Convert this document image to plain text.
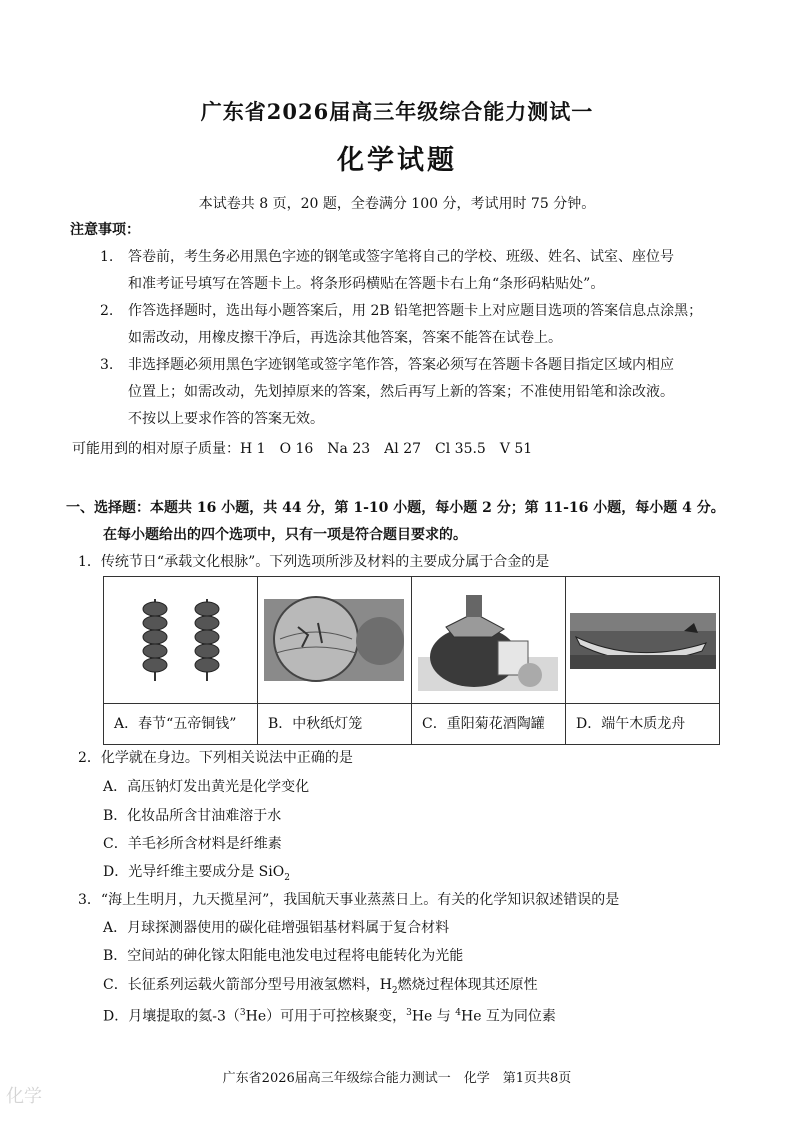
广东省2026届高三年级综合能力测试一
化学试题
本试卷共 8 页，20 题，全卷满分 100 分，考试用时 75 分钟。
注意事项：
1. 答卷前，考生务必用黑色字迹的钢笔或签字笔将自己的学校、班级、姓名、试室、座位号
和准考证号填写在答题卡上。将条形码横贴在答题卡右上角“条形码粘贴处”。
2. 作答选择题时，选出每小题答案后，用 2B 铅笔把答题卡上对应题目选项的答案信息点涂黑；
如需改动，用橡皮擦干净后，再选涂其他答案，答案不能答在试卷上。
3. 非选择题必须用黑色字迹钢笔或签字笔作答，答案必须写在答题卡各题目指定区域内相应
位置上；如需改动，先划掉原来的答案，然后再写上新的答案；不准使用铅笔和涂改液。
不按以上要求作答的答案无效。
可能用到的相对原子质量：H 1　O 16　Na 23　Al 27　Cl 35.5　V 51
一、选择题：本题共 16 小题，共 44 分，第 1-10 小题，每小题 2 分；第 11-16 小题，每小题 4 分。
在每小题给出的四个选项中，只有一项是符合题目要求的。
1．传统节日“承载文化根脉”。下列选项所涉及材料的主要成分属于合金的是
A．春节“五帝铜钱”	B．中秋纸灯笼	C．重阳菊花酒陶罐	D．端午木质龙舟
2．化学就在身边。下列相关说法中正确的是
A．高压钠灯发出黄光是化学变化
B．化妆品所含甘油难溶于水
C．羊毛衫所含材料是纤维素
D．光导纤维主要成分是 SiO$_2$
3．“海上生明月，九天揽星河”，我国航天事业蒸蒸日上。有关的化学知识叙述错误的是
A．月球探测器使用的碳化硅增强铝基材料属于复合材料
B．空间站的砷化镓太阳能电池发电过程将电能转化为光能
C．长征系列运载火箭部分型号用液氢燃料，$H_2$燃烧过程体现其还原性
D．月壤提取的氦-3（$^3$He）可用于可控核聚变，$^3$He 与 $^4$He 互为同位素
广东省2026届高三年级综合能力测试一　化学　第1页共8页
化学
